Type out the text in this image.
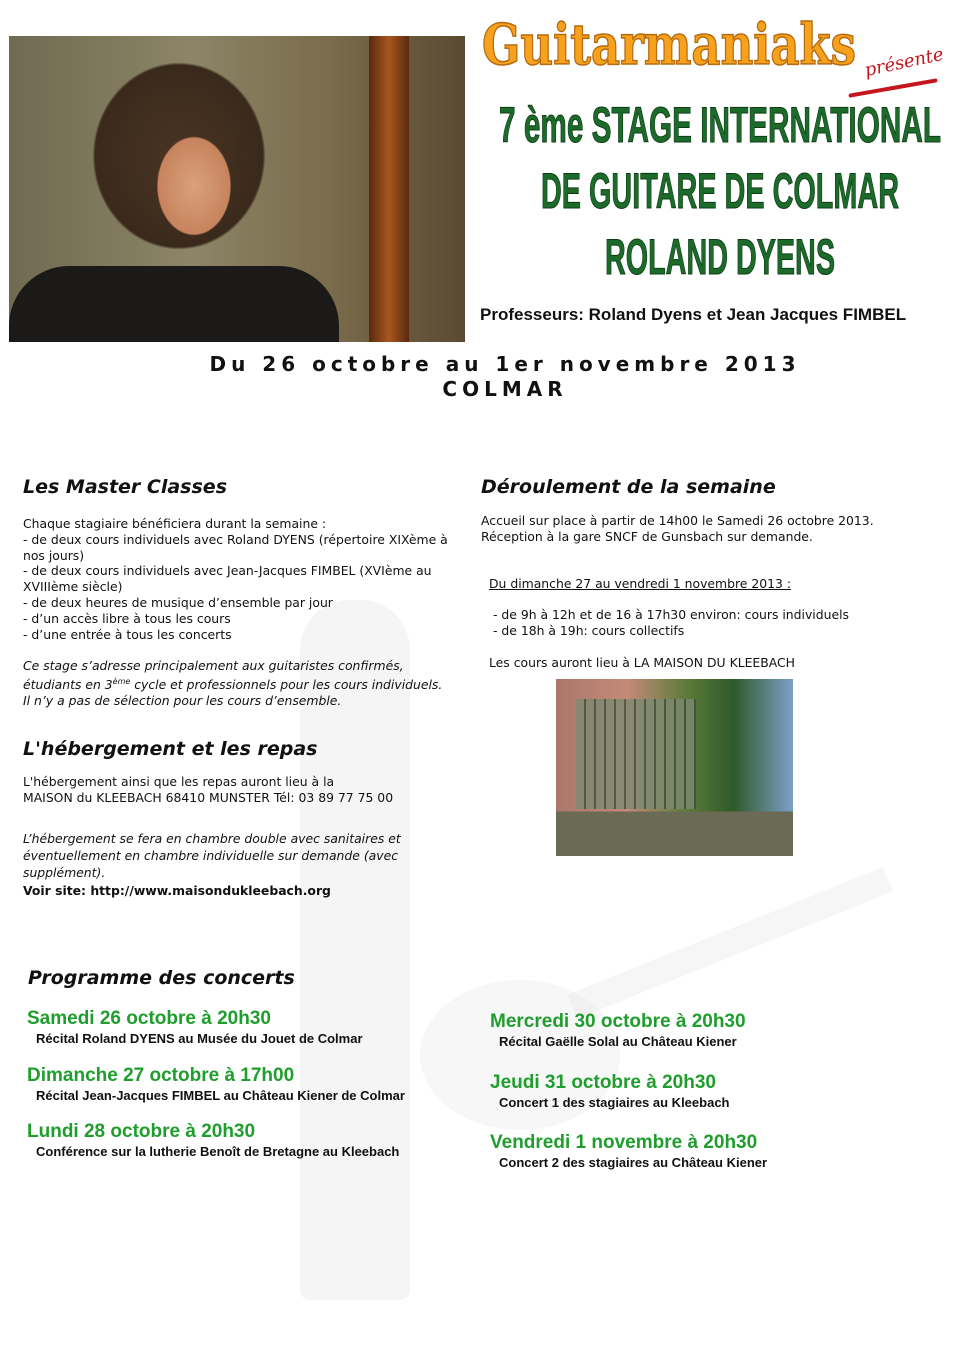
Guitarmaniaks présente
7 ème STAGE INTERNATIONAL
DE GUITARE DE COLMAR
ROLAND DYENS
Professeurs: Roland Dyens et Jean Jacques FIMBEL
Du 26 octobre au 1er novembre 2013
COLMAR
Les Master Classes

Chaque stagiaire bénéficiera durant la semaine :

- de deux cours individuels avec Roland DYENS (répertoire XIXème à nos jours)

- de deux cours individuels avec Jean-Jacques FIMBEL (XVIème au XVIIIème siècle)

- de deux heures de musique d’ensemble par jour

- d’un accès libre à tous les cours

- d’une entrée à tous les concerts

Ce stage s’adresse principalement aux guitaristes confirmés, étudiants en 3ème cycle et professionnels pour les cours individuels. Il n’y a pas de sélection pour les cours d’ensemble.

L'hébergement et les repas

L'hébergement ainsi que les repas auront lieu à la

MAISON du KLEEBACH 68410 MUNSTER Tél: 03 89 77 75 00

L’hébergement se fera en chambre double avec sanitaires et éventuellement en chambre individuelle sur demande (avec supplément).

Voir site: http://www.maisondukleebach.org

Déroulement de la semaine

Accueil sur place à partir de 14h00 le Samedi 26 octobre 2013.

Réception à la gare SNCF de Gunsbach sur demande.

Du dimanche 27 au vendredi 1 novembre 2013 :

- de 9h à 12h et de 16 à 17h30 environ: cours individuels

- de 18h à 19h: cours collectifs

Les cours auront lieu à LA MAISON DU KLEEBACH

Programme des concerts
Samedi 26 octobre à 20h30
Récital Roland DYENS au Musée du Jouet de Colmar
Dimanche 27 octobre à 17h00
Récital Jean-Jacques FIMBEL au Château Kiener de Colmar
Lundi 28 octobre à 20h30
Conférence sur la lutherie Benoît de Bretagne au Kleebach
Mercredi 30 octobre à 20h30
Récital Gaëlle Solal au Château Kiener
Jeudi 31 octobre à 20h30
Concert 1 des stagiaires au Kleebach
Vendredi 1 novembre à 20h30
Concert 2 des stagiaires au Château Kiener
